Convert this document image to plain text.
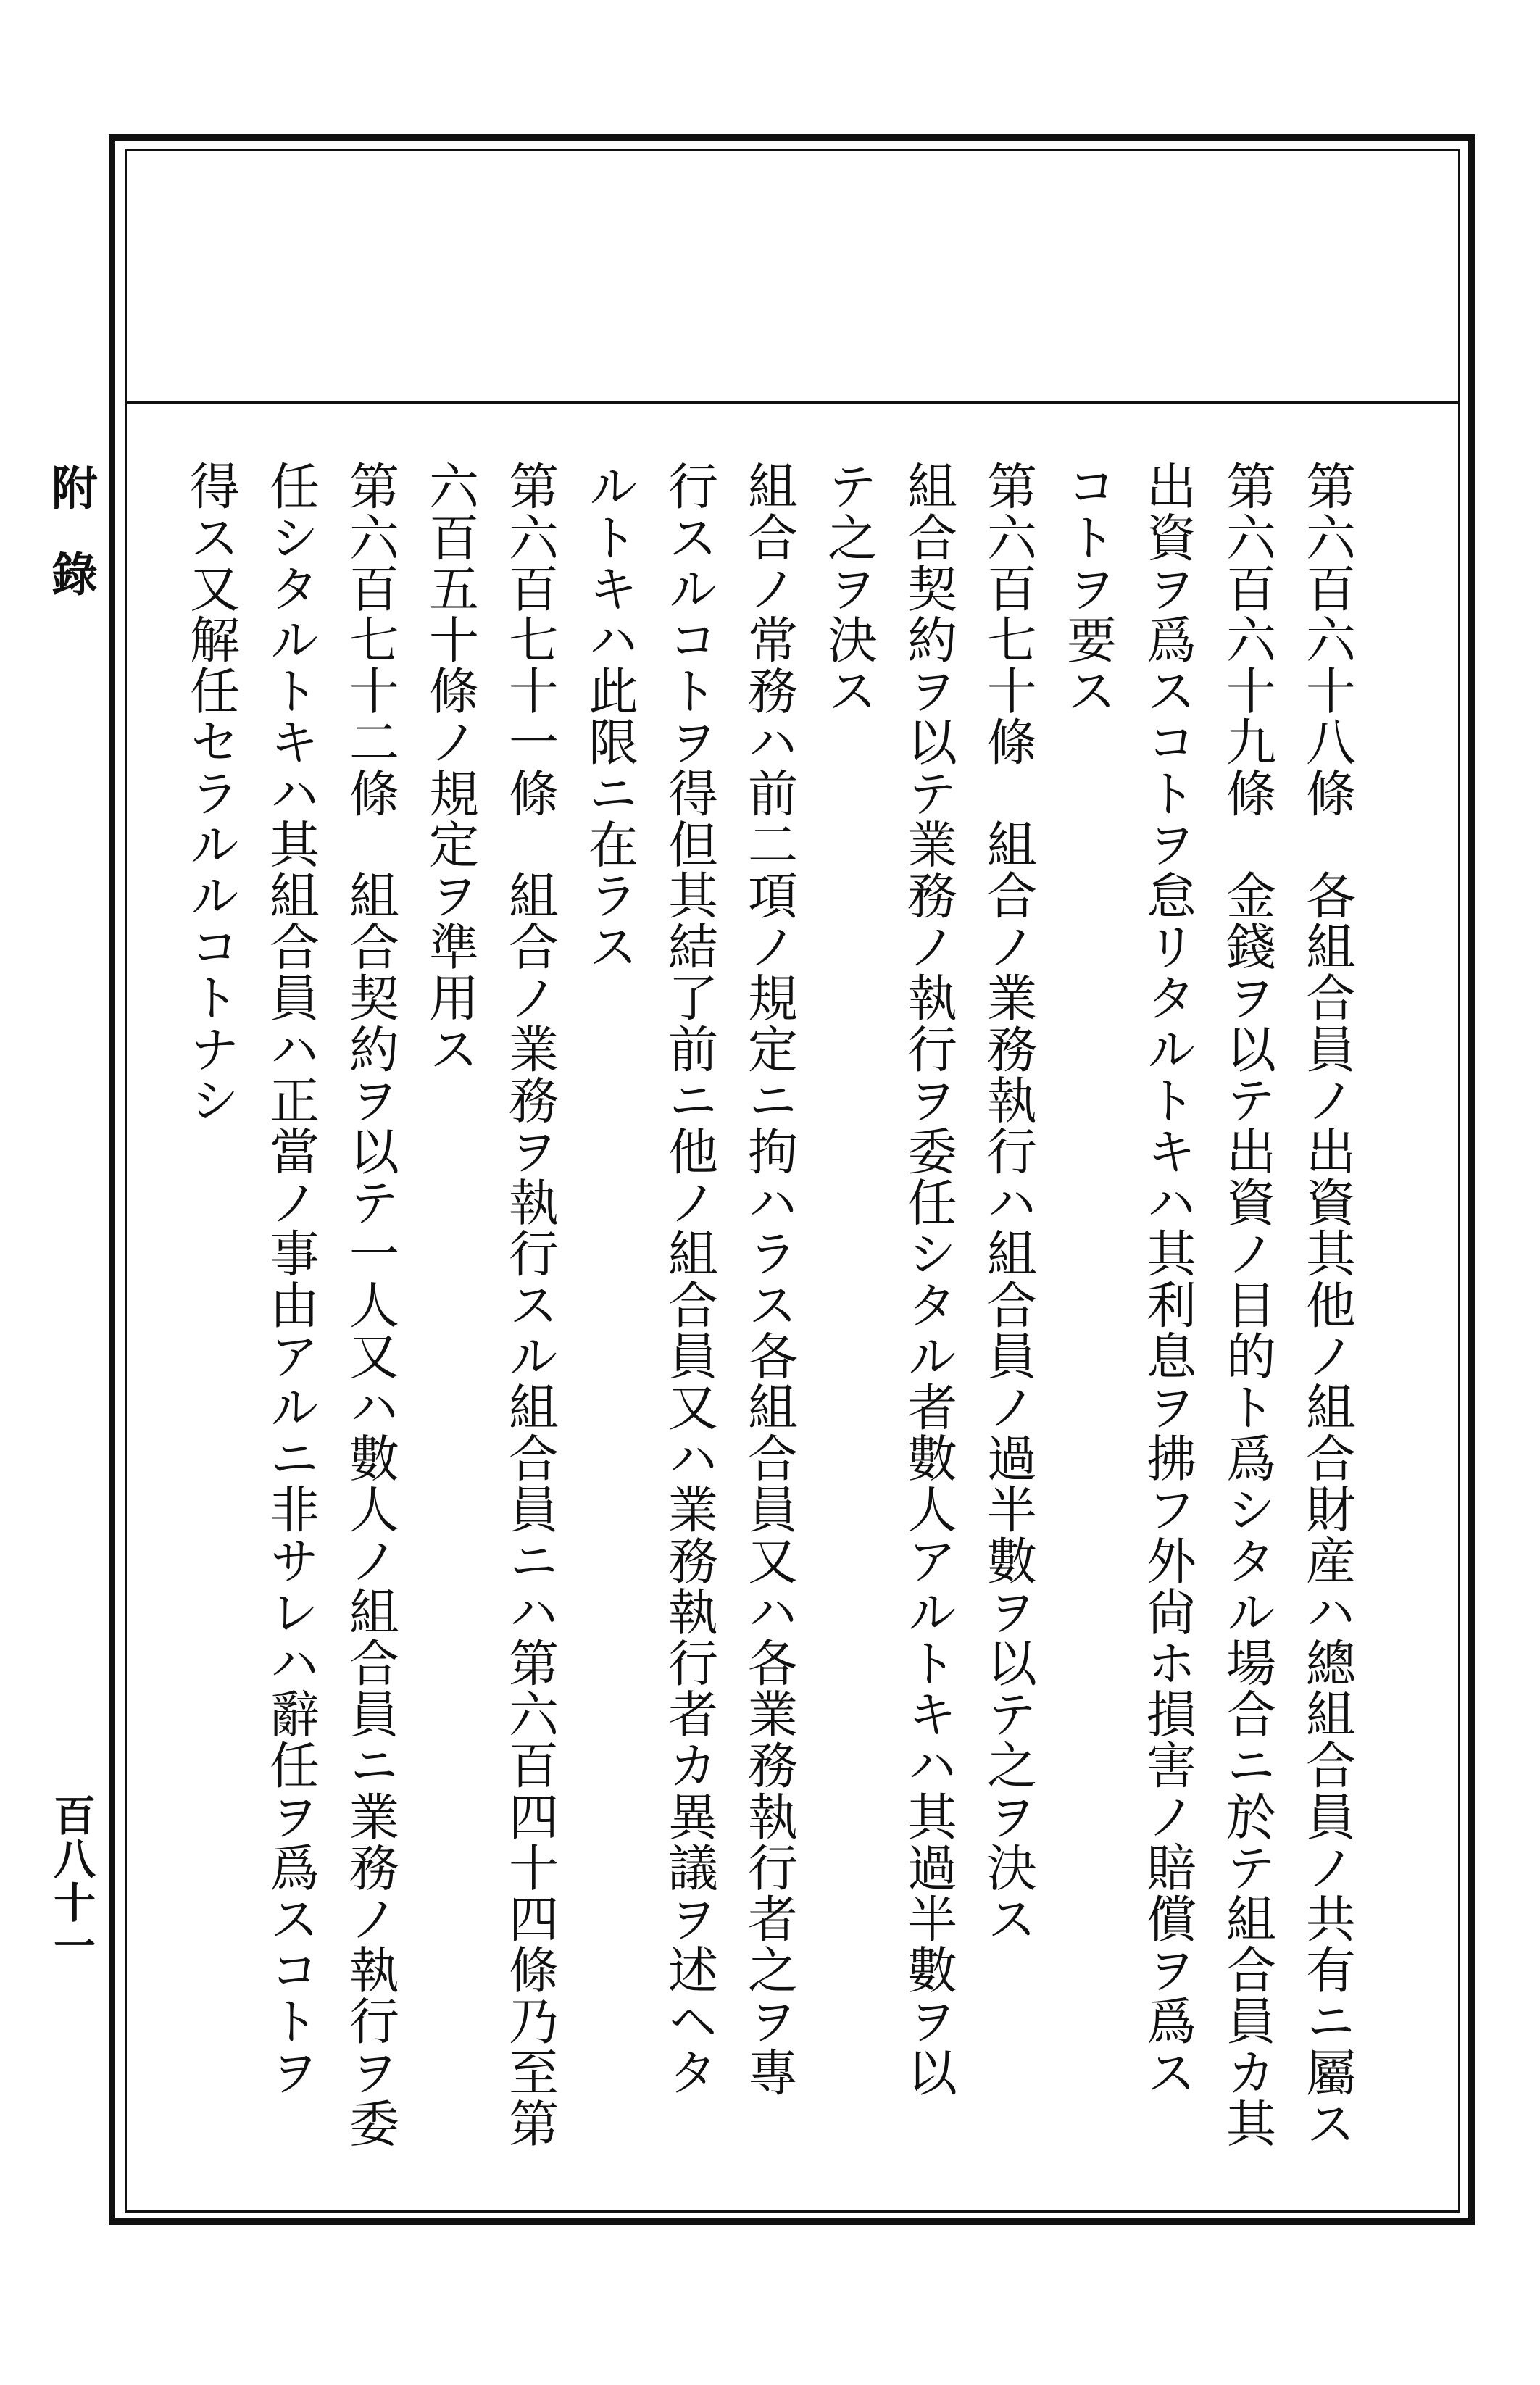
附錄
百八十一	第六百六十八條　各組合員ノ出資其他ノ組合財産ハ總組合員ノ共有ニ屬ス
第六百六十九條　金錢ヲ以テ出資ノ目的ト爲シタル場合ニ於テ組合員カ其
出資ヲ爲スコトヲ怠リタルトキハ其利息ヲ拂フ外尙ホ損害ノ賠償ヲ爲ス
コトヲ要ス
第六百七十條　組合ノ業務執行ハ組合員ノ過半數ヲ以テ之ヲ決ス
組合契約ヲ以テ業務ノ執行ヲ委任シタル者數人アルトキハ其過半數ヲ以
テ之ヲ決ス
組合ノ常務ハ前二項ノ規定ニ拘ハラス各組合員又ハ各業務執行者之ヲ專
行スルコトヲ得但其結了前ニ他ノ組合員又ハ業務執行者カ異議ヲ述ヘタ
ルトキハ此限ニ在ラス
第六百七十一條　組合ノ業務ヲ執行スル組合員ニハ第六百四十四條乃至第
六百五十條ノ規定ヲ準用ス
第六百七十二條　組合契約ヲ以テ一人又ハ數人ノ組合員ニ業務ノ執行ヲ委
任シタルトキハ其組合員ハ正當ノ事由アルニ非サレハ辭任ヲ爲スコトヲ
得ス又解任セラルルコトナシ
